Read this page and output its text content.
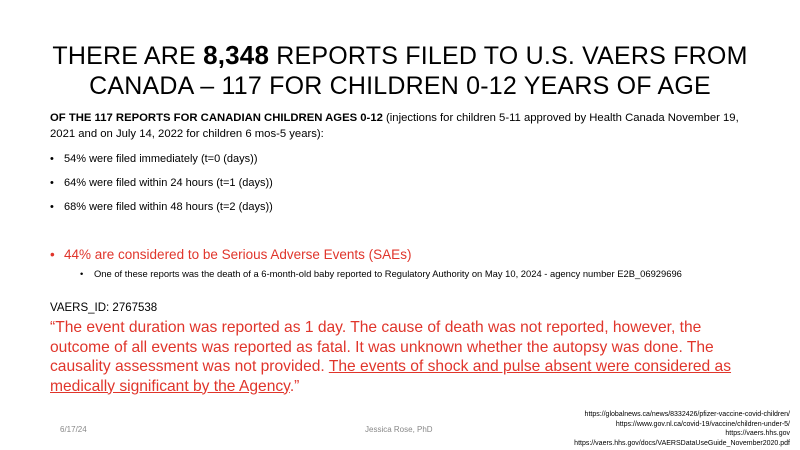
THERE ARE 8,348 REPORTS FILED TO U.S. VAERS FROM
CANADA – 117 FOR CHILDREN 0-12 YEARS OF AGE
OF THE 117 REPORTS FOR CANADIAN CHILDREN AGES 0-12 (injections for children 5-11 approved by Health Canada November 19, 2021 and on July 14, 2022 for children 6 mos-5 years):
• 54% were filed immediately (t=0 (days))
• 64% were filed within 24 hours (t=1 (days))
• 68% were filed within 48 hours (t=2 (days))
• 44% are considered to be Serious Adverse Events (SAEs)
• One of these reports was the death of a 6-month-old baby reported to Regulatory Authority on May 10, 2024 - agency number E2B_06929696
VAERS_ID: 2767538
“The event duration was reported as 1 day. The cause of death was not reported, however, the outcome of all events was reported as fatal. It was unknown whether the autopsy was done. The causality assessment was not provided. The events of shock and pulse absent were considered as medically significant by the Agency.”
https://globalnews.ca/news/8332426/pfizer-vaccine-covid-children/
https://www.gov.nl.ca/covid-19/vaccine/children-under-5/
https://vaers.hhs.gov
https://vaers.hhs.gov/docs/VAERSDataUseGuide_November2020.pdf
6/17/24	Jessica Rose, PhD
